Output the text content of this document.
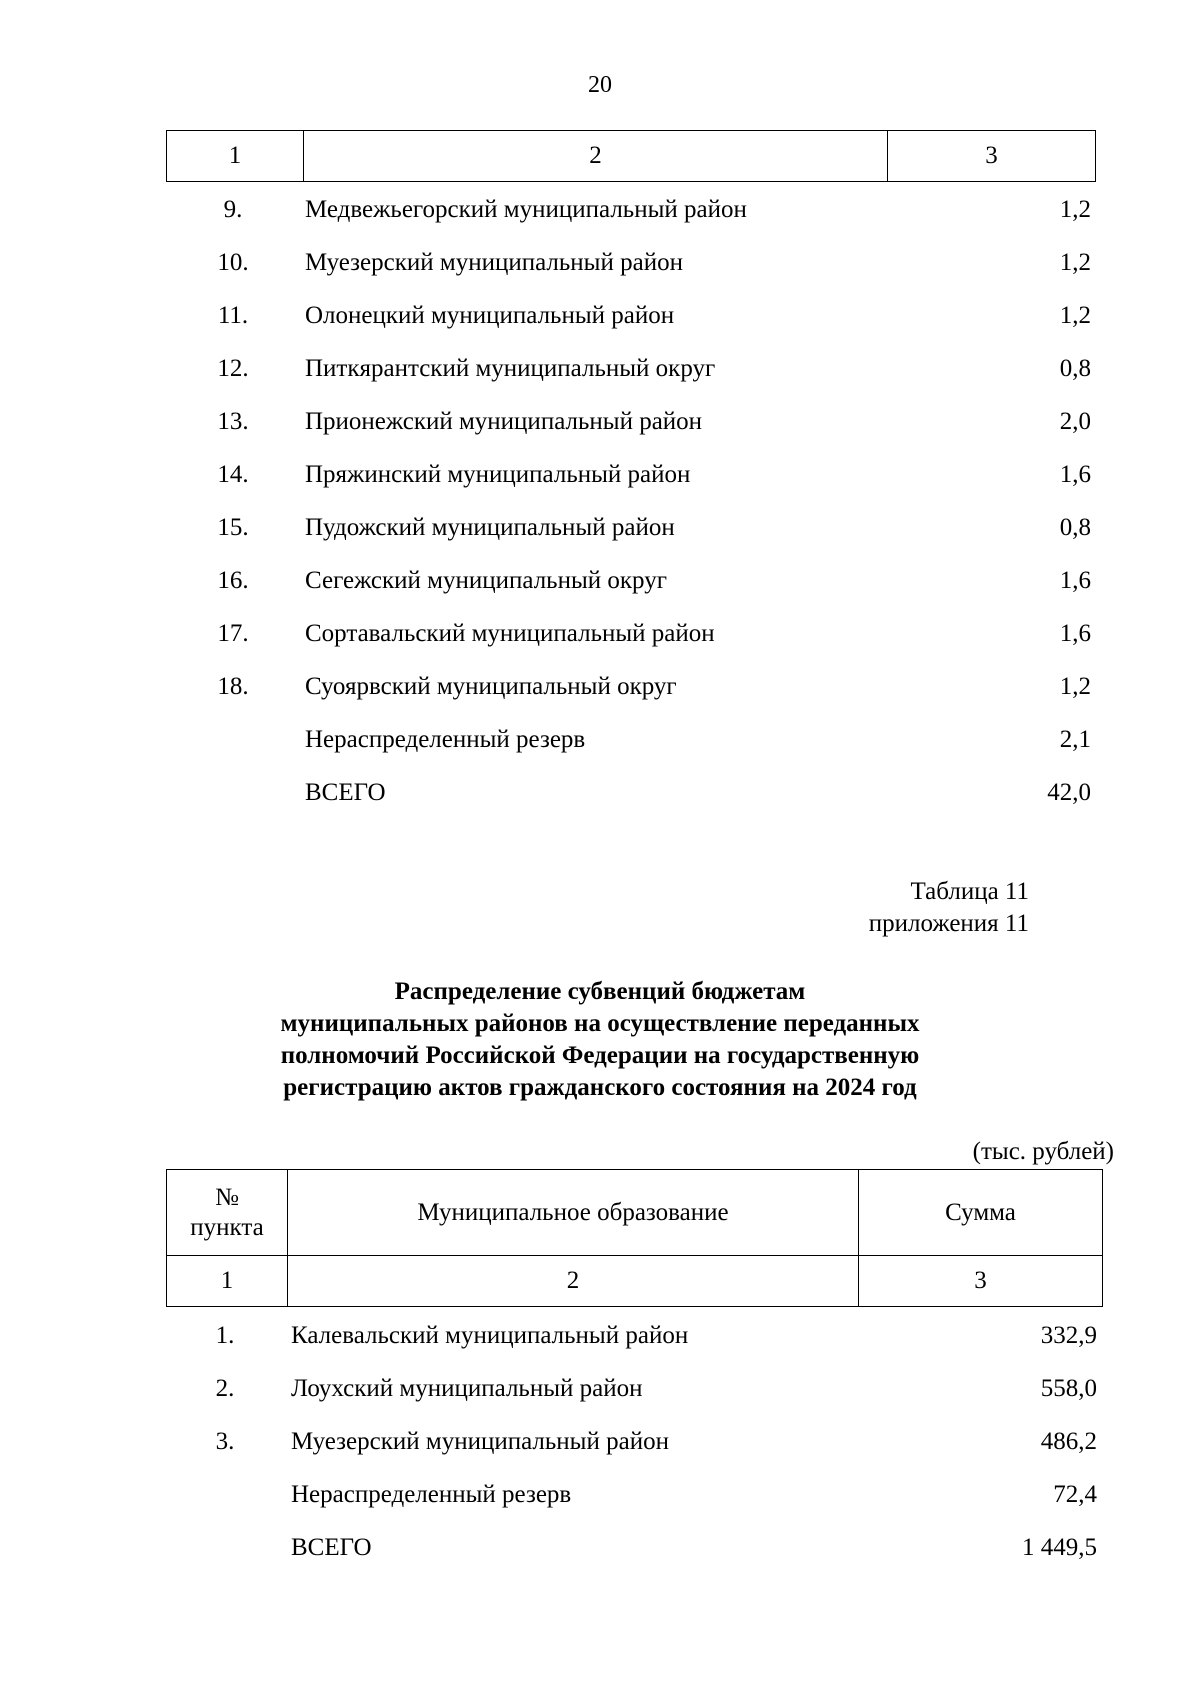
20
1	2	3
9.	Медвежьегорский муниципальный район	1,2
10.	Муезерский муниципальный район	1,2
11.	Олонецкий муниципальный район	1,2
12.	Питкярантский муниципальный округ	0,8
13.	Прионежский муниципальный район	2,0
14.	Пряжинский муниципальный район	1,6
15.	Пудожский муниципальный район	0,8
16.	Сегежский муниципальный округ	1,6
17.	Сортавальский муниципальный район	1,6
18.	Суоярвский муниципальный округ	1,2
Нераспределенный резерв	2,1
ВСЕГО	42,0
Таблица 11
приложения 11
Распределение субвенций бюджетам
муниципальных районов на осуществление переданных
полномочий Российской Федерации на государственную
регистрацию актов гражданского состояния на 2024 год
(тыс. рублей)
№
пункта	Муниципальное образование	Сумма
1	2	3
1.	Калевальский муниципальный район	332,9
2.	Лоухский муниципальный район	558,0
3.	Муезерский муниципальный район	486,2
Нераспределенный резерв	72,4
ВСЕГО	1 449,5
